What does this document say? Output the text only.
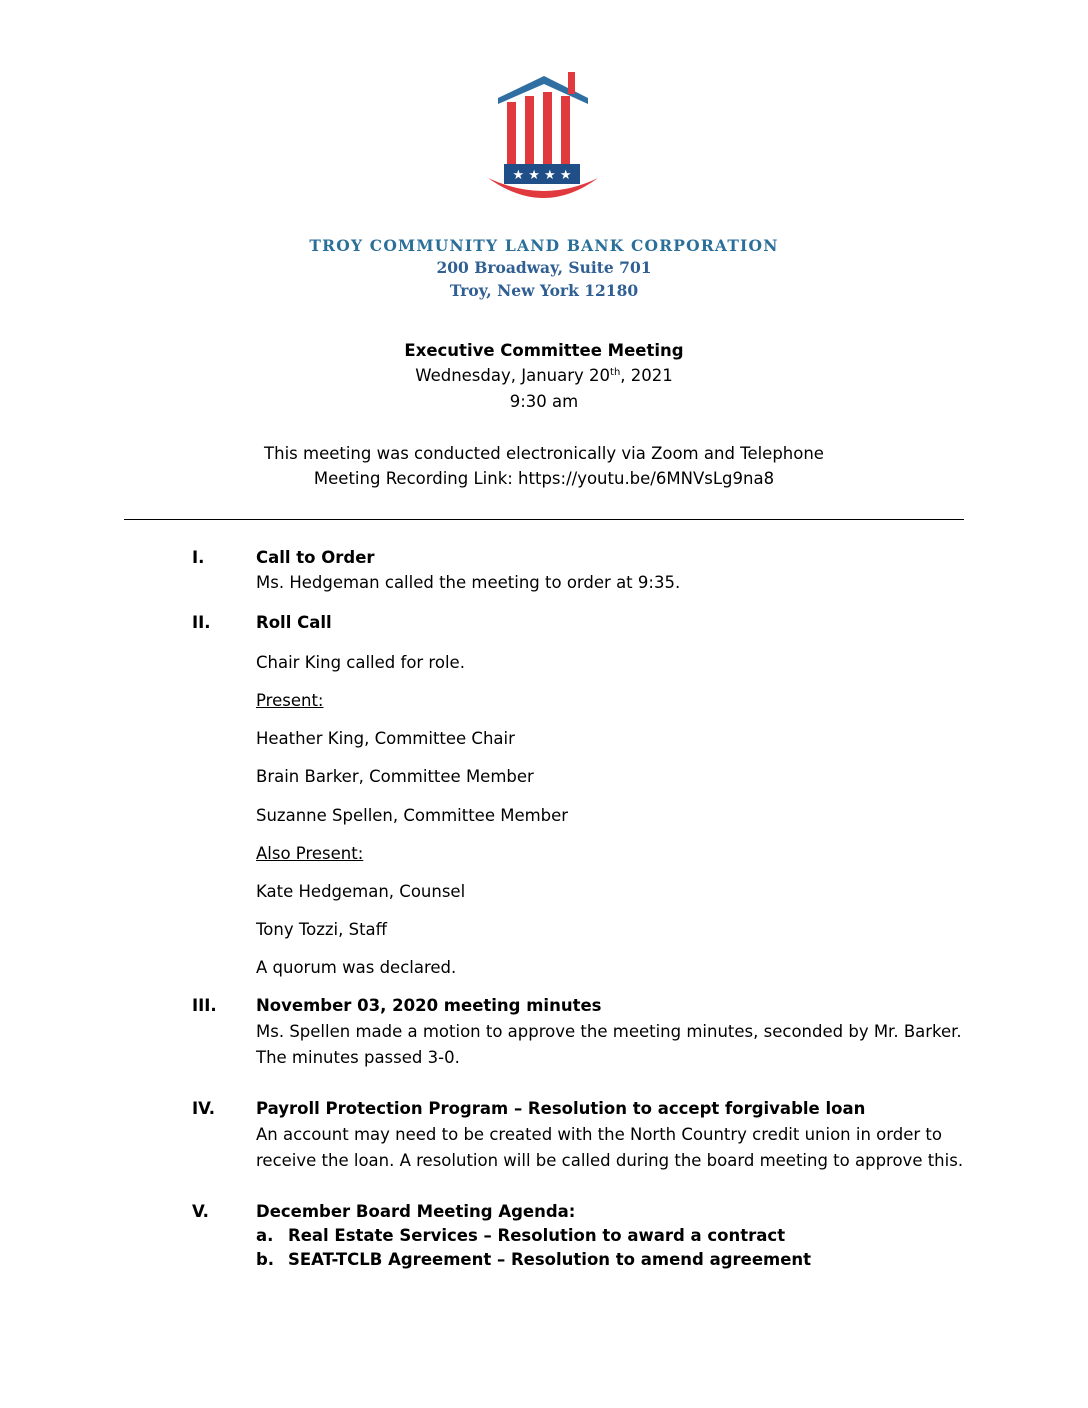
★ ★ ★ ★
TROY COMMUNITY LAND BANK CORPORATION
200 Broadway, Suite 701
Troy, New York 12180
Executive Committee Meeting
Wednesday, January 20th, 2021
9:30 am
This meeting was conducted electronically via Zoom and Telephone
Meeting Recording Link: https://youtu.be/6MNVsLg9na8
I.	Call to Order
Ms. Hedgeman called the meeting to order at 9:35.
II.	Roll Call
Chair King called for role.
Present:
Heather King, Committee Chair
Brain Barker, Committee Member
Suzanne Spellen, Committee Member
Also Present:
Kate Hedgeman, Counsel
Tony Tozzi, Staff
A quorum was declared.
III. November 03, 2020 meeting minutes
Ms. Spellen made a motion to approve the meeting minutes, seconded by Mr. Barker.
The minutes passed 3-0.
IV. Payroll Protection Program – Resolution to accept forgivable loan
An account may need to be created with the North Country credit union in order to
receive the loan. A resolution will be called during the board meeting to approve this.
V.	December Board Meeting Agenda:
a. Real Estate Services – Resolution to award a contract
b. SEAT-TCLB Agreement – Resolution to amend agreement
